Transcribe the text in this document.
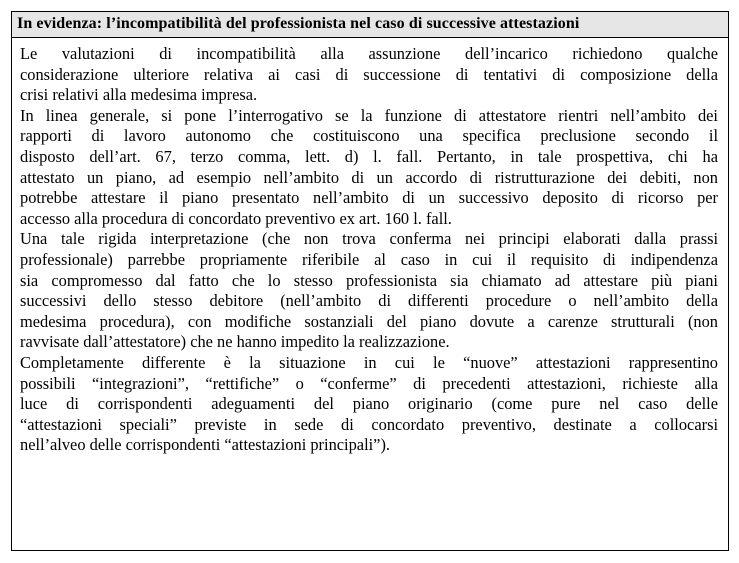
In evidenza: l’incompatibilità del professionista nel caso di successive attestazioni

Le valutazioni di incompatibilità alla assunzione dell’incarico richiedono qualche
considerazione ulteriore relativa ai casi di successione di tentativi di composizione della
crisi relativi alla medesima impresa.

In linea generale, si pone l’interrogativo se la funzione di attestatore rientri nell’ambito dei
rapporti di lavoro autonomo che costituiscono una specifica preclusione secondo il
disposto dell’art. 67, terzo comma, lett. d) l. fall. Pertanto, in tale prospettiva, chi ha
attestato un piano, ad esempio nell’ambito di un accordo di ristrutturazione dei debiti, non
potrebbe attestare il piano presentato nell’ambito di un successivo deposito di ricorso per
accesso alla procedura di concordato preventivo ex art. 160 l. fall.

Una tale rigida interpretazione (che non trova conferma nei principi elaborati dalla prassi
professionale) parrebbe propriamente riferibile al caso in cui il requisito di indipendenza
sia compromesso dal fatto che lo stesso professionista sia chiamato ad attestare più piani
successivi dello stesso debitore (nell’ambito di differenti procedure o nell’ambito della
medesima procedura), con modifiche sostanziali del piano dovute a carenze strutturali (non
ravvisate dall’attestatore) che ne hanno impedito la realizzazione.

Completamente differente è la situazione in cui le “nuove” attestazioni rappresentino
possibili “integrazioni”, “rettifiche” o “conferme” di precedenti attestazioni, richieste alla
luce di corrispondenti adeguamenti del piano originario (come pure nel caso delle
“attestazioni speciali” previste in sede di concordato preventivo, destinate a collocarsi
nell’alveo delle corrispondenti “attestazioni principali”).
